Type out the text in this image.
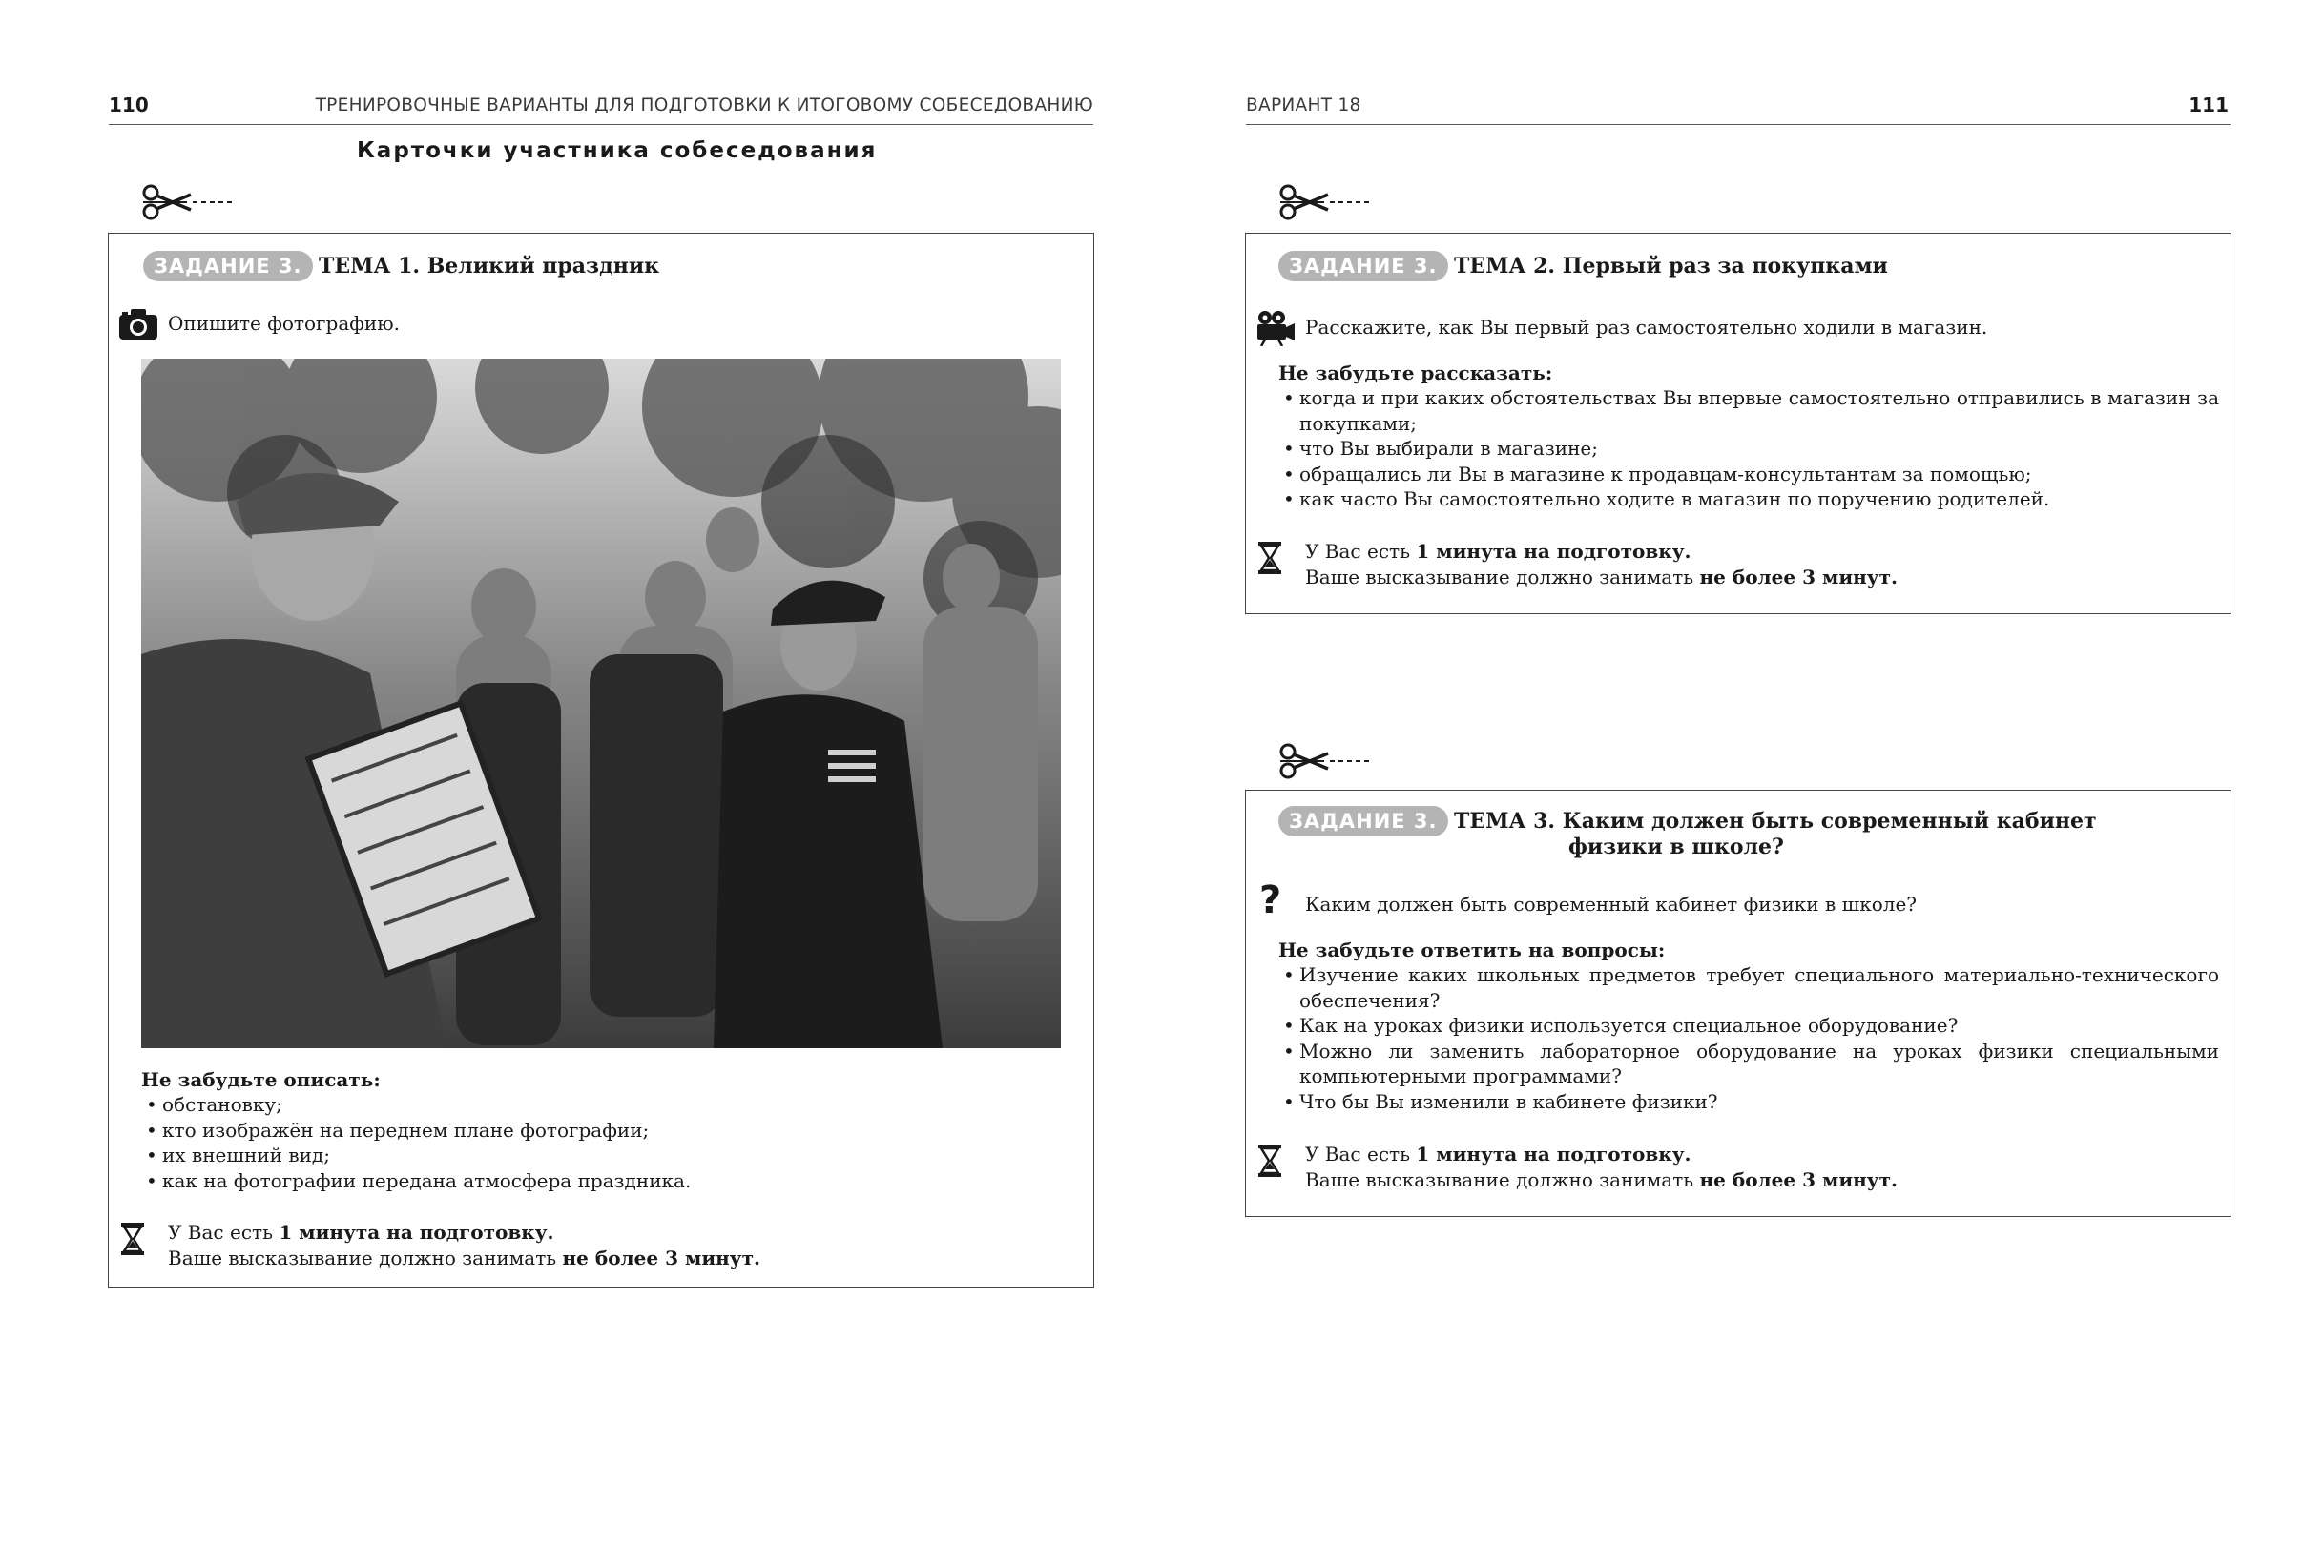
110	ТРЕНИРОВОЧНЫЕ ВАРИАНТЫ ДЛЯ ПОДГОТОВКИ К ИТОГОВОМУ СОБЕСЕДОВАНИЮ
Карточки участника собеседования
ЗАДАНИЕ 3. ТЕМА 1. Великий праздник
Опишите фотографию.
Не забудьте описать:
• обстановку;
• кто изображён на переднем плане фотографии;
• их внешний вид;
• как на фотографии передана атмосфера праздника.
У Вас есть 1 минута на подготовку.
Ваше высказывание должно занимать не более 3 минут.
ВАРИАНТ 18	111
ЗАДАНИЕ 3. ТЕМА 2. Первый раз за покупками
Расскажите, как Вы первый раз самостоятельно ходили в магазин.
Не забудьте рассказать:
• когда и при каких обстоятельствах Вы впервые самостоятельно отправились в магазин за покупками;
• что Вы выбирали в магазине;
• обращались ли Вы в магазине к продавцам-консультантам за помощью;
• как часто Вы самостоятельно ходите в магазин по поручению родителей.
У Вас есть 1 минута на подготовку.
Ваше высказывание должно занимать не более 3 минут.
ЗАДАНИЕ 3. ТЕМА 3. Каким должен быть современный кабинет
физики в школе?
? Каким должен быть современный кабинет физики в школе?
Не забудьте ответить на вопросы:
• Изучение каких школьных предметов требует специального материально-технического обеспечения?
• Как на уроках физики используется специальное оборудование?
• Можно ли заменить лабораторное оборудование на уроках физики специальными компьютерными программами?
• Что бы Вы изменили в кабинете физики?
У Вас есть 1 минута на подготовку.
Ваше высказывание должно занимать не более 3 минут.
